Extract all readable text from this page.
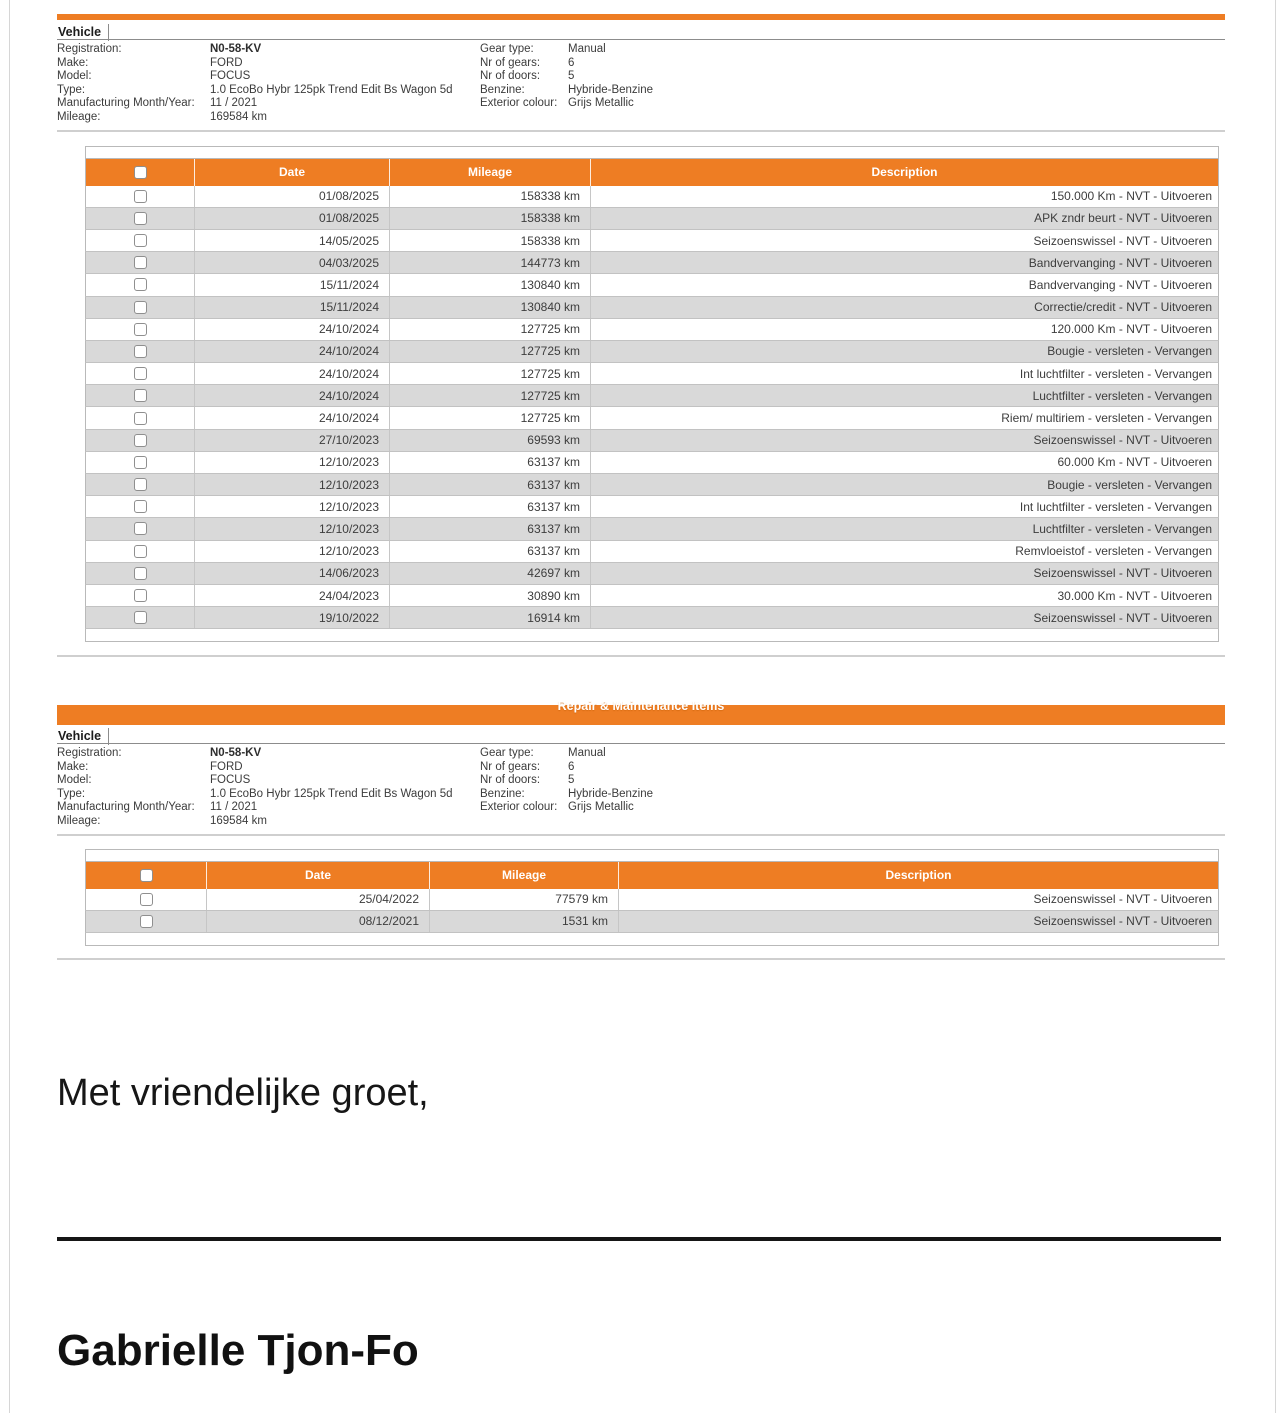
Vehicle
Registration:	N0-58-KV	Gear type:	Manual
Make:	FORD	Nr of gears:	6
Model:	FOCUS	Nr of doors:	5
Type:	1.0 EcoBo Hybr 125pk Trend Edit Bs Wagon 5d	Benzine:	Hybride-Benzine
Manufacturing Month/Year:	11 / 2021	Exterior colour: Grijs Metallic
Mileage:	169584 km
Date	Mileage	Description
01/08/2025	158338 km	150.000 Km - NVT - Uitvoeren
01/08/2025	158338 km	APK zndr beurt - NVT - Uitvoeren
14/05/2025	158338 km	Seizoenswissel - NVT - Uitvoeren
04/03/2025	144773 km	Bandvervanging - NVT - Uitvoeren
15/11/2024	130840 km	Bandvervanging - NVT - Uitvoeren
15/11/2024	130840 km	Correctie/credit - NVT - Uitvoeren
24/10/2024	127725 km	120.000 Km - NVT - Uitvoeren
24/10/2024	127725 km	Bougie - versleten - Vervangen
24/10/2024	127725 km	Int luchtfilter - versleten - Vervangen
24/10/2024	127725 km	Luchtfilter - versleten - Vervangen
24/10/2024	127725 km	Riem/ multiriem - versleten - Vervangen
27/10/2023	69593 km	Seizoenswissel - NVT - Uitvoeren
12/10/2023	63137 km	60.000 Km - NVT - Uitvoeren
12/10/2023	63137 km	Bougie - versleten - Vervangen
12/10/2023	63137 km	Int luchtfilter - versleten - Vervangen
12/10/2023	63137 km	Luchtfilter - versleten - Vervangen
12/10/2023	63137 km	Remvloeistof - versleten - Vervangen
14/06/2023	42697 km	Seizoenswissel - NVT - Uitvoeren
24/04/2023	30890 km	30.000 Km - NVT - Uitvoeren
19/10/2022	16914 km	Seizoenswissel - NVT - Uitvoeren
Repair & Maintenance Items
Vehicle
Registration:	N0-58-KV	Gear type:	Manual
Make:	FORD	Nr of gears:	6
Model:	FOCUS	Nr of doors:	5
Type:	1.0 EcoBo Hybr 125pk Trend Edit Bs Wagon 5d	Benzine:	Hybride-Benzine
Manufacturing Month/Year:	11 / 2021	Exterior colour: Grijs Metallic
Mileage:	169584 km
Date	Mileage	Description
25/04/2022	77579 km	Seizoenswissel - NVT - Uitvoeren
08/12/2021	1531 km	Seizoenswissel - NVT - Uitvoeren
Met vriendelijke groet,
Gabrielle Tjon-Fo
